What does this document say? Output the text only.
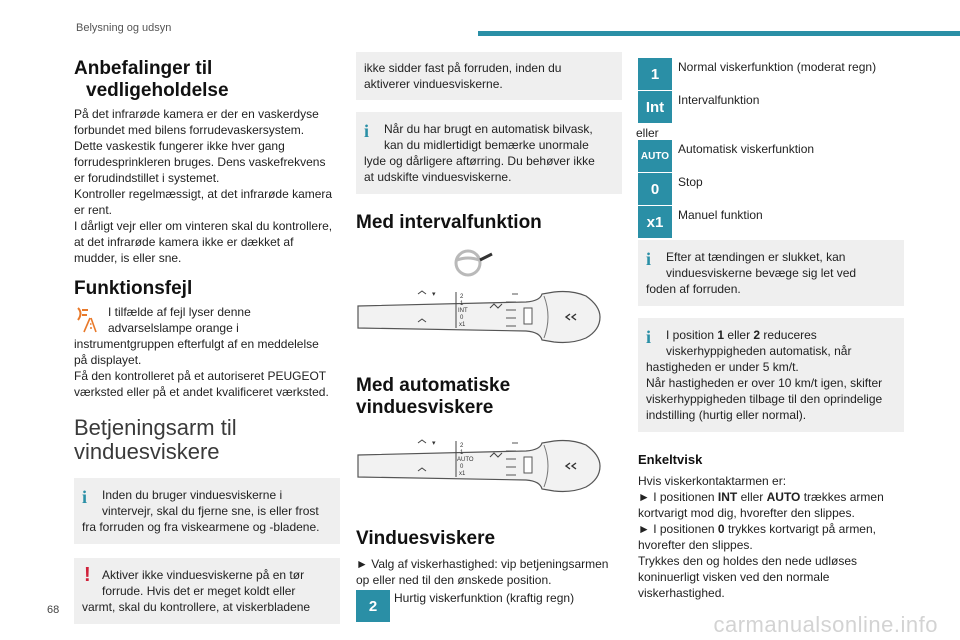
Belysning og udsyn
68
carmanualsonline.info
Anbefalinger til
vedligeholdelse
På det infrarøde kamera er der en vaskerdyse
forbundet med bilens forrudevaskersystem.
Dette vaskestik fungerer ikke hver gang
forrudesprinkleren bruges. Dens vaskefrekvens
er forudindstillet i systemet.
Kontroller regelmæssigt, at det infrarøde kamera
er rent.
I dårligt vejr eller om vinteren skal du kontrollere,
at det infrarøde kamera ikke er dækket af
mudder, is eller sne.
Funktionsfejl
I tilfælde af fejl lyser denne
advarselslampe orange i
instrumentgruppen efterfulgt af en meddelelse
på displayet.
Få den kontrolleret på et autoriseret PEUGEOT
værksted eller på et andet kvalificeret værksted.
Betjeningsarm til
vinduesviskere
i	Inden du bruger vinduesviskerne i
vintervejr, skal du fjerne sne, is eller frost
fra forruden og fra viskearmene og -bladene.
! Aktiver ikke vinduesviskerne på en tør
forrude. Hvis det er meget koldt eller
varmt, skal du kontrollere, at viskerbladene
ikke sidder fast på forruden, inden du
aktiverer vinduesviskerne.
i	Når du har brugt en automatisk bilvask,
kan du midlertidigt bemærke unormale
lyde og dårligere aftørring. Du behøver ikke
at udskifte vinduesviskerne.
Med intervalfunktion
▾	2
1
INT
0
x1
Med automatiske
vinduesviskere
▾	2
1
AUTO
0
x1
Vinduesviskere
► Valg af viskerhastighed: vip betjeningsarmen
op eller ned til den ønskede position.
2	Hurtig viskerfunktion (kraftig regn)
1	Normal viskerfunktion (moderat regn)
Int	Intervalfunktion
eller
AUTO Automatisk viskerfunktion
0	Stop
x1	Manuel funktion
i	Efter at tændingen er slukket, kan
vinduesviskerne bevæge sig let ved
foden af forruden.
i	I position 1 eller 2 reduceres
viskerhyppigheden automatisk, når
hastigheden er under 5 km/t.
Når hastigheden er over 10 km/t igen, skifter
viskerhyppigheden tilbage til den oprindelige
indstilling (hurtig eller normal).
Enkeltvisk
Hvis viskerkontaktarmen er:
► I positionen INT eller AUTO trækkes armen
kortvarigt mod dig, hvorefter den slippes.
► I positionen 0 trykkes kortvarigt på armen,
hvorefter den slippes.
Trykkes den og holdes den nede udløses
koninuerligt visken ved den normale
viskerhastighed.
